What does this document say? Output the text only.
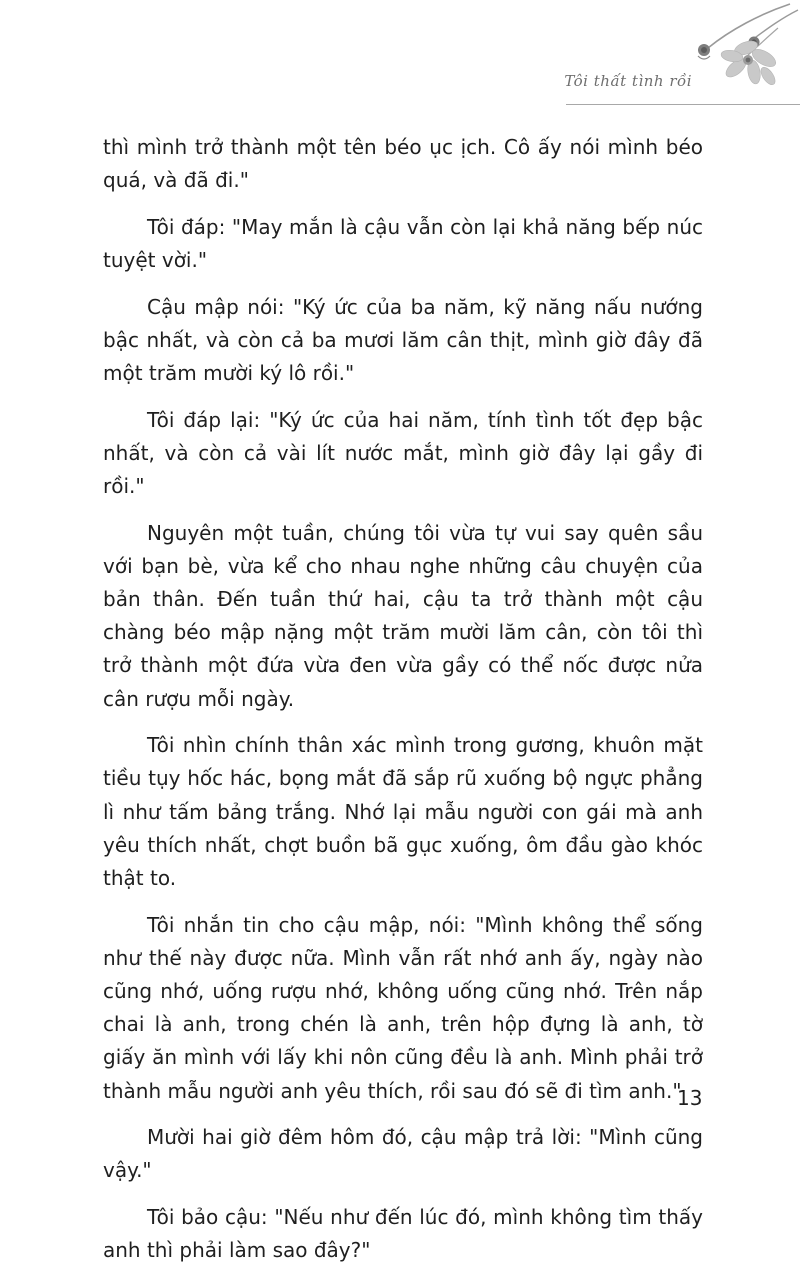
Tôi thất tình rồi

thì mình trở thành một tên béo ục ịch. Cô ấy nói mình béo quá, và đã đi."

Tôi đáp: "May mắn là cậu vẫn còn lại khả năng bếp núc tuyệt vời."

Cậu mập nói: "Ký ức của ba năm, kỹ năng nấu nướng bậc nhất, và còn cả ba mươi lăm cân thịt, mình giờ đây đã một trăm mười ký lô rồi."

Tôi đáp lại: "Ký ức của hai năm, tính tình tốt đẹp bậc nhất, và còn cả vài lít nước mắt, mình giờ đây lại gầy đi rồi."

Nguyên một tuần, chúng tôi vừa tự vui say quên sầu với bạn bè, vừa kể cho nhau nghe những câu chuyện của bản thân. Đến tuần thứ hai, cậu ta trở thành một cậu chàng béo mập nặng một trăm mười lăm cân, còn tôi thì trở thành một đứa vừa đen vừa gầy có thể nốc được nửa cân rượu mỗi ngày.

Tôi nhìn chính thân xác mình trong gương, khuôn mặt tiều tụy hốc hác, bọng mắt đã sắp rũ xuống bộ ngực phẳng lì như tấm bảng trắng. Nhớ lại mẫu người con gái mà anh yêu thích nhất, chợt buồn bã gục xuống, ôm đầu gào khóc thật to.

Tôi nhắn tin cho cậu mập, nói: "Mình không thể sống như thế này được nữa. Mình vẫn rất nhớ anh ấy, ngày nào cũng nhớ, uống rượu nhớ, không uống cũng nhớ. Trên nắp chai là anh, trong chén là anh, trên hộp đựng là anh, tờ giấy ăn mình với lấy khi nôn cũng đều là anh. Mình phải trở thành mẫu người anh yêu thích, rồi sau đó sẽ đi tìm anh."

Mười hai giờ đêm hôm đó, cậu mập trả lời: "Mình cũng vậy."

Tôi bảo cậu: "Nếu như đến lúc đó, mình không tìm thấy anh thì phải làm sao đây?"

13
